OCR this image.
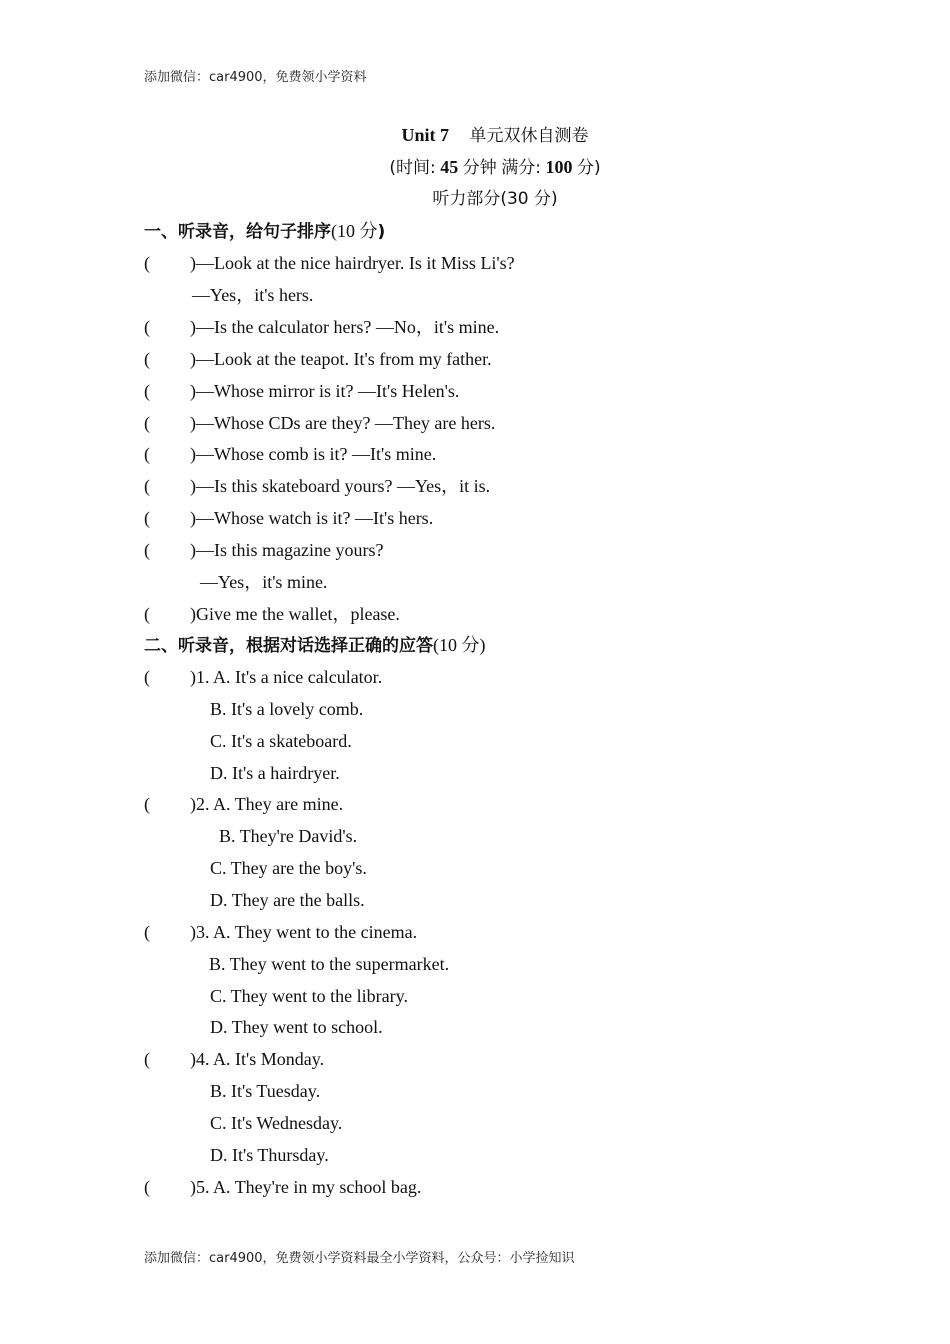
添加微信：car4900，免费领小学资料
Unit 7 单元双休自测卷
(时间: 45 分钟 满分: 100 分)
听力部分(30 分)
一、听录音，给句子排序(10 分)
( )—Look at the nice hairdryer. Is it Miss Li's?
—Yes，it's hers.
( )—Is the calculator hers? —No，it's mine.
( )—Look at the teapot. It's from my father.
( )—Whose mirror is it? —It's Helen's.
( )—Whose CDs are they? —They are hers.
( )—Whose comb is it? —It's mine.
( )—Is this skateboard yours? —Yes，it is.
( )—Whose watch is it? —It's hers.
( )—Is this magazine yours?
—Yes，it's mine.
( )Give me the wallet，please.
二、听录音，根据对话选择正确的应答(10 分)
( )1. A. It's a nice calculator.
B. It's a lovely comb.
C. It's a skateboard.
D. It's a hairdryer.
( )2. A. They are mine.
B. They're David's.
C. They are the boy's.
D. They are the balls.
( )3. A. They went to the cinema.
B. They went to the supermarket.
C. They went to the library.
D. They went to school.
( )4. A. It's Monday.
B. It's Tuesday.
C. It's Wednesday.
D. It's Thursday.
( )5. A. They're in my school bag.
添加微信：car4900，免费领小学资料最全小学资料，公众号：小学捡知识
